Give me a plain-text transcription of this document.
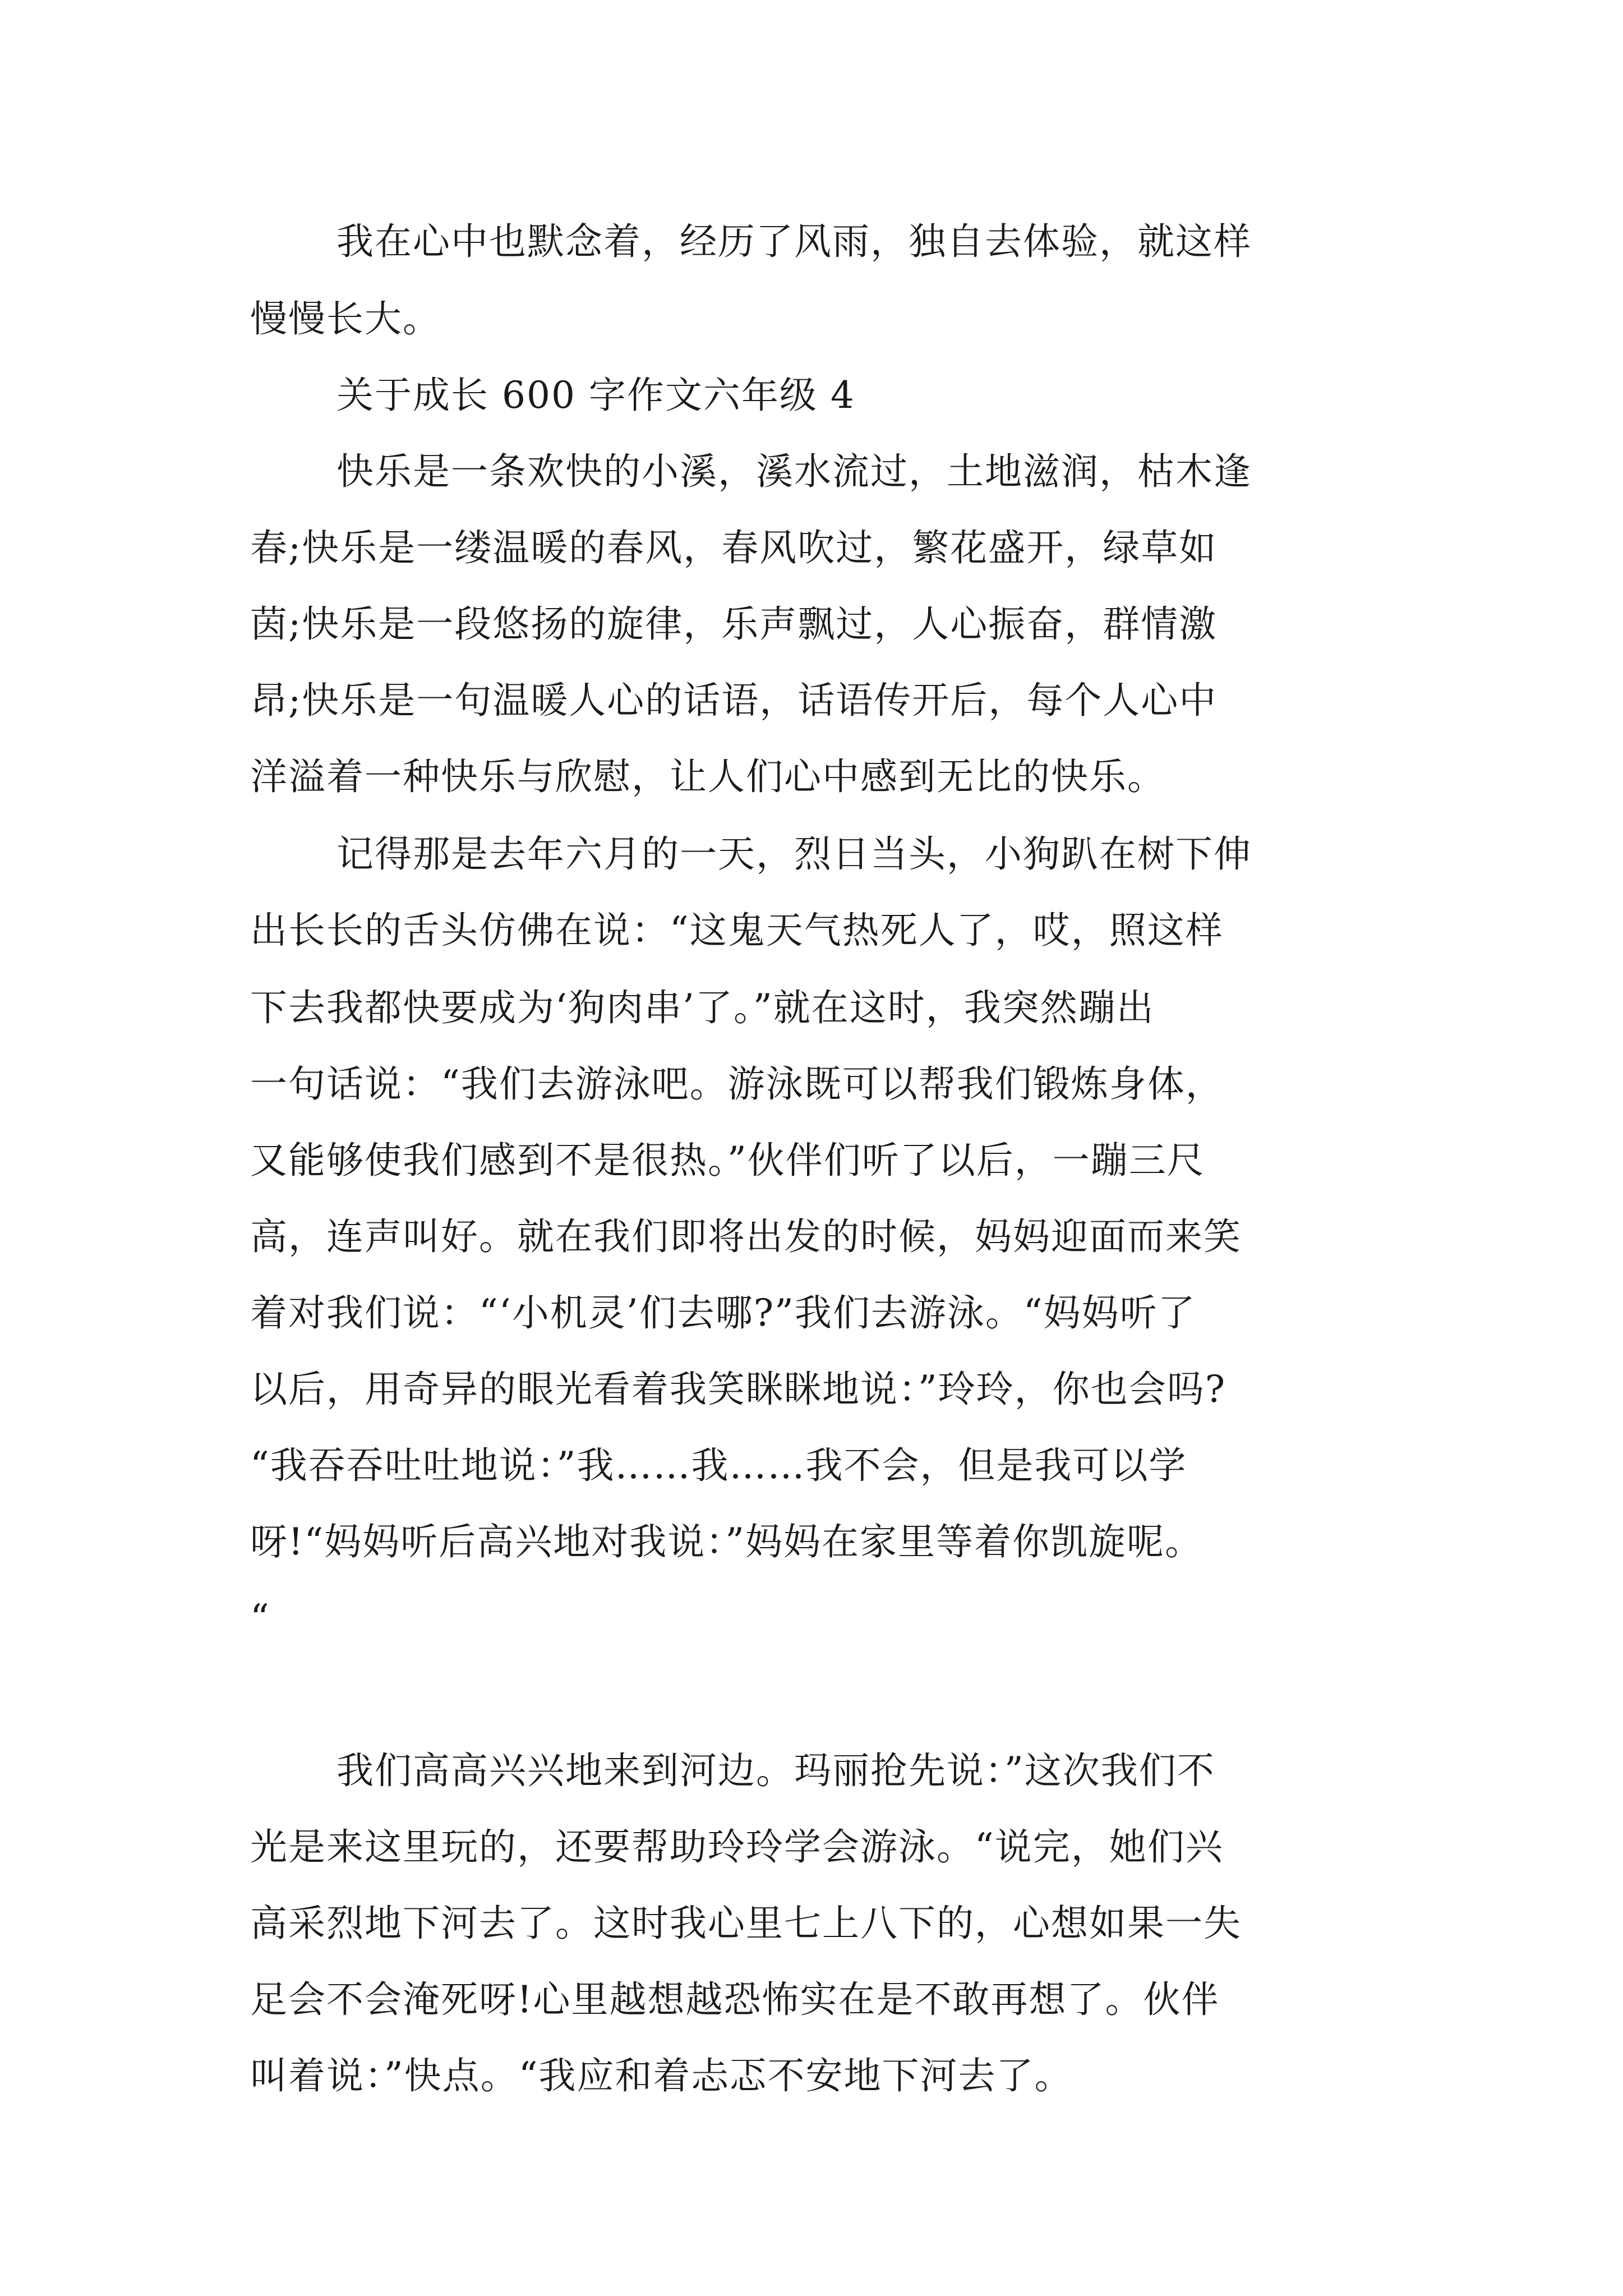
我在心中也默念着，经历了风雨，独自去体验，就这样
慢慢长大。
关于成长 600 字作文六年级 4
快乐是一条欢快的小溪，溪水流过，土地滋润，枯木逢
春;快乐是一缕温暖的春风，春风吹过，繁花盛开，绿草如
茵;快乐是一段悠扬的旋律，乐声飘过，人心振奋，群情激
昂;快乐是一句温暖人心的话语，话语传开后，每个人心中
洋溢着一种快乐与欣慰，让人们心中感到无比的快乐。
记得那是去年六月的一天，烈日当头，小狗趴在树下伸
出长长的舌头仿佛在说：“这鬼天气热死人了，哎，照这样
下去我都快要成为‘狗肉串’了。”就在这时，我突然蹦出
一句话说：“我们去游泳吧。游泳既可以帮我们锻炼身体，
又能够使我们感到不是很热。”伙伴们听了以后，一蹦三尺
高，连声叫好。就在我们即将出发的时候，妈妈迎面而来笑
着对我们说：“‘小机灵’们去哪?”我们去游泳。“妈妈听了
以后，用奇异的眼光看着我笑眯眯地说：”玲玲，你也会吗?
“我吞吞吐吐地说：”我……我……我不会，但是我可以学
呀!“妈妈听后高兴地对我说：”妈妈在家里等着你凯旋呢。
“
我们高高兴兴地来到河边。玛丽抢先说：”这次我们不
光是来这里玩的，还要帮助玲玲学会游泳。“说完，她们兴
高采烈地下河去了。这时我心里七上八下的，心想如果一失
足会不会淹死呀!心里越想越恐怖实在是不敢再想了。伙伴
叫着说：”快点。“我应和着忐忑不安地下河去了。
